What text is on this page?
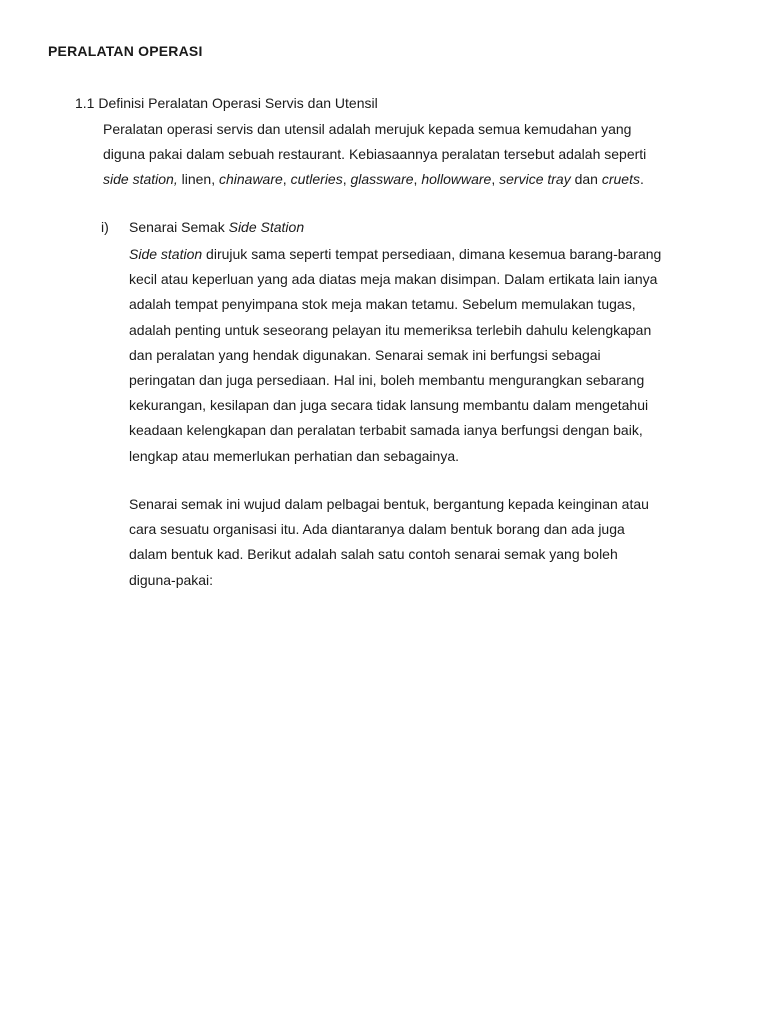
PERALATAN OPERASI
1.1 Definisi Peralatan Operasi Servis dan Utensil
Peralatan operasi servis dan utensil adalah merujuk kepada semua kemudahan yang
diguna pakai dalam sebuah restaurant. Kebiasaannya peralatan tersebut adalah seperti
side station, linen, chinaware, cutleries, glassware, hollowware, service tray dan cruets.
i) Senarai Semak Side Station
Side station dirujuk sama seperti tempat persediaan, dimana kesemua barang-barang
kecil atau keperluan yang ada diatas meja makan disimpan. Dalam ertikata lain ianya
adalah tempat penyimpana stok meja makan tetamu. Sebelum memulakan tugas,
adalah penting untuk seseorang pelayan itu memeriksa terlebih dahulu kelengkapan
dan peralatan yang hendak digunakan. Senarai semak ini berfungsi sebagai
peringatan dan juga persediaan. Hal ini, boleh membantu mengurangkan sebarang
kekurangan, kesilapan dan juga secara tidak lansung membantu dalam mengetahui
keadaan kelengkapan dan peralatan terbabit samada ianya berfungsi dengan baik,
lengkap atau memerlukan perhatian dan sebagainya.
Senarai semak ini wujud dalam pelbagai bentuk, bergantung kepada keinginan atau
cara sesuatu organisasi itu. Ada diantaranya dalam bentuk borang dan ada juga
dalam bentuk kad. Berikut adalah salah satu contoh senarai semak yang boleh
diguna-pakai:
